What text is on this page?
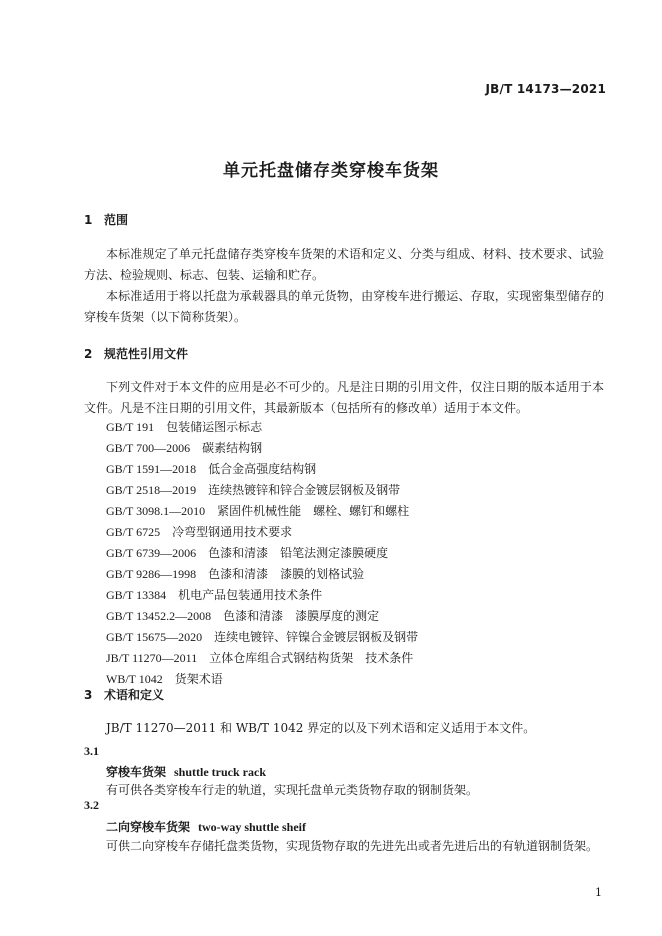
JB/T 14173—2021
单元托盘储存类穿梭车货架
1 范围
本标准规定了单元托盘储存类穿梭车货架的术语和定义、分类与组成、材料、技术要求、试验方法、检验规则、标志、包装、运输和贮存。
本标准适用于将以托盘为承载器具的单元货物，由穿梭车进行搬运、存取，实现密集型储存的穿梭车货架（以下简称货架）。
2 规范性引用文件
下列文件对于本文件的应用是必不可少的。凡是注日期的引用文件，仅注日期的版本适用于本文件。凡是不注日期的引用文件，其最新版本（包括所有的修改单）适用于本文件。
GB/T 191　 包装储运图示标志
GB/T 700—2006　 碳素结构钢
GB/T 1591—2018　 低合金高强度结构钢
GB/T 2518—2019　 连续热镀锌和锌合金镀层钢板及钢带
GB/T 3098.1—2010　 紧固件机械性能　螺栓、螺钉和螺柱
GB/T 6725　 冷弯型钢通用技术要求
GB/T 6739—2006　 色漆和清漆　铅笔法测定漆膜硬度
GB/T 9286—1998　 色漆和清漆　漆膜的划格试验
GB/T 13384　 机电产品包装通用技术条件
GB/T 13452.2—2008　 色漆和清漆　漆膜厚度的测定
GB/T 15675—2020　 连续电镀锌、锌镍合金镀层钢板及钢带
JB/T 11270—2011　 立体仓库组合式钢结构货架　技术条件
WB/T 1042　 货架术语
3 术语和定义
JB/T 11270—2011 和 WB/T 1042 界定的以及下列术语和定义适用于本文件。
3.1
穿梭车货架 shuttle truck rack
有可供各类穿梭车行走的轨道，实现托盘单元类货物存取的钢制货架。
3.2
二向穿梭车货架 two-way shuttle sheif
可供二向穿梭车存储托盘类货物，实现货物存取的先进先出或者先进后出的有轨道钢制货架。
1
